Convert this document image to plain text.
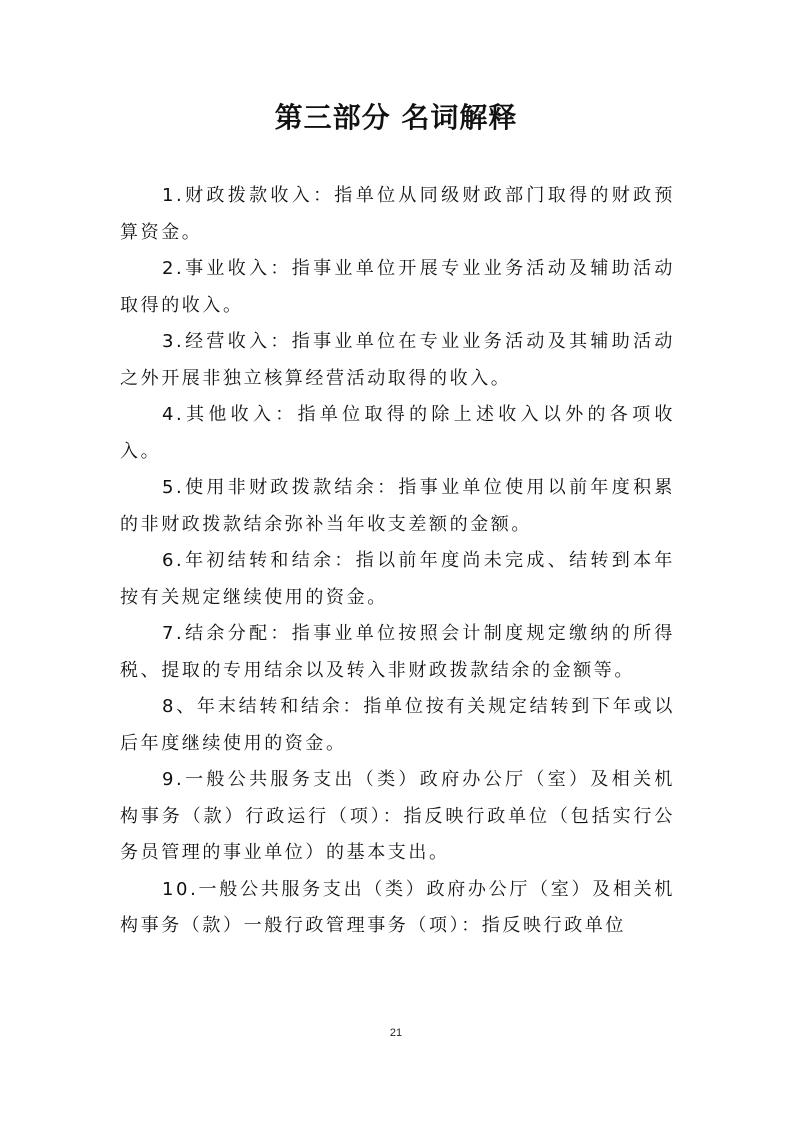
第三部分 名词解释

1.财政拨款收入：指单位从同级财政部门取得的财政预算资金。

2.事业收入：指事业单位开展专业业务活动及辅助活动取得的收入。

3.经营收入：指事业单位在专业业务活动及其辅助活动之外开展非独立核算经营活动取得的收入。

4.其他收入：指单位取得的除上述收入以外的各项收入。

5.使用非财政拨款结余：指事业单位使用以前年度积累的非财政拨款结余弥补当年收支差额的金额。

6.年初结转和结余：指以前年度尚未完成、结转到本年按有关规定继续使用的资金。

7.结余分配：指事业单位按照会计制度规定缴纳的所得税、提取的专用结余以及转入非财政拨款结余的金额等。

8、年末结转和结余：指单位按有关规定结转到下年或以后年度继续使用的资金。

9.一般公共服务支出（类）政府办公厅（室）及相关机构事务（款）行政运行（项）：指反映行政单位（包括实行公务员管理的事业单位）的基本支出。

10.一般公共服务支出（类）政府办公厅（室）及相关机构事务（款）一般行政管理事务（项）：指反映行政单位

21
